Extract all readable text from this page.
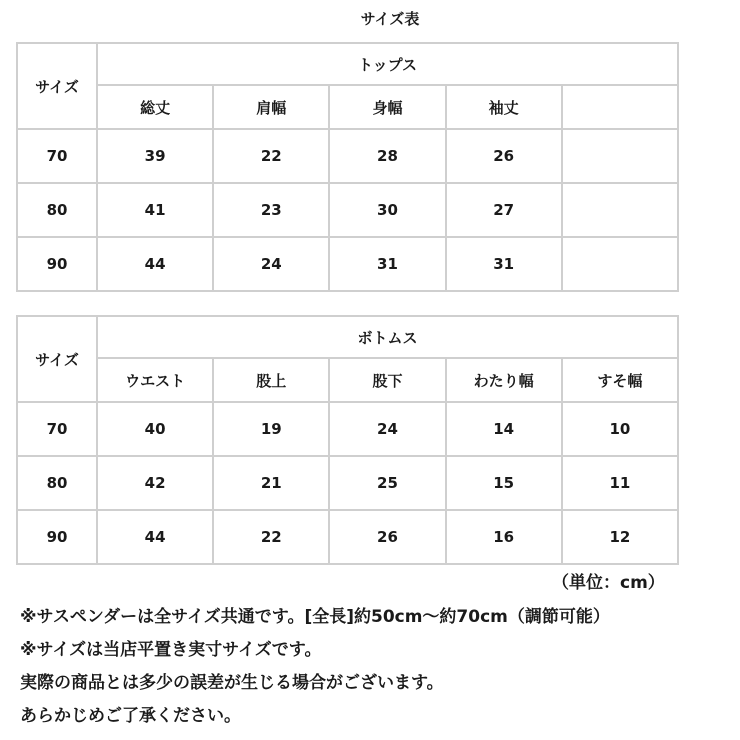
サイズ表
サイズ	トップス				
	総丈	肩幅	身幅	袖丈	
70	39	22	28	26	
80	41	23	30	27	
90	44	24	31	31	
サイズ	ボトムス				
	ウエスト	股上	股下	わたり幅	すそ幅
70	40	19	24	14	10
80	42	21	25	15	11
90	44	22	26	16	12
（単位：cm）
※サスペンダーは全サイズ共通です。[全長]約50cm〜約70cm（調節可能）
※サイズは当店平置き実寸サイズです。
実際の商品とは多少の誤差が生じる場合がございます。
あらかじめご了承ください。
